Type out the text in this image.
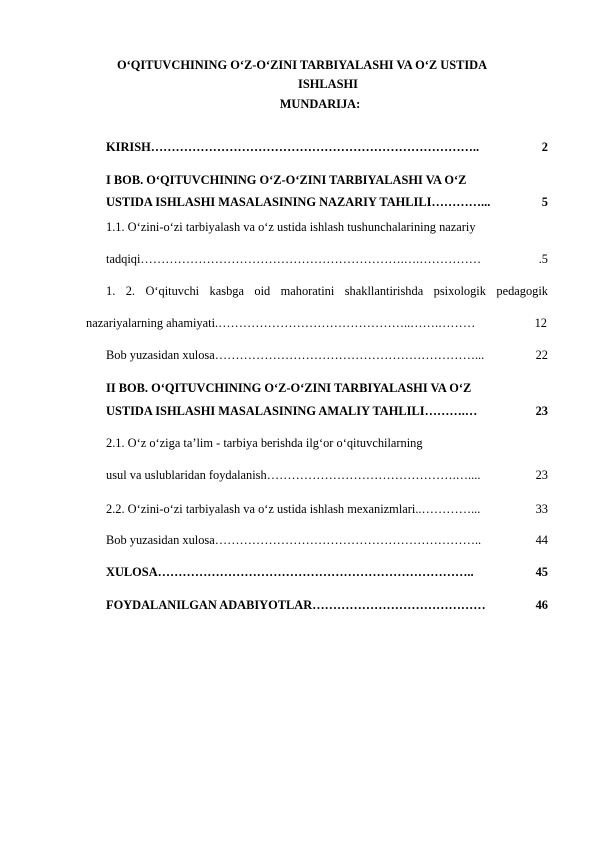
O‘QITUVCHINING O‘Z-O‘ZINI TARBIYALASHI VA O‘Z USTIDA
ISHLASHI
MUNDARIJA:
KIRISH ……………………………………………………………………..	2
I BOB. O‘QITUVCHINING O‘Z-O‘ZINI TARBIYALASHI VA O‘Z
USTIDA ISHLASHI MASALASINING NAZARIY TAHLILI …………...	5
1.1. O‘zini-o‘zi tarbiyalash va o‘z ustida ishlash tushunchalarining nazariy
tadqiqi ……………………………………………………….….……………	.5
1. 2. O‘qituvchi kasbga oid mahoratini shakllantirishda psixologik pedagogik
nazariyalarning ahamiyati. ………………………………………..…….………	12
Bob yuzasidan xulosa ………………………………………………………...	22
II BOB. O‘QITUVCHINING O‘Z-O‘ZINI TARBIYALASHI VA O‘Z
USTIDA ISHLASHI MASALASINING AMALIY TAHLILI ……….…	23
2.1. O‘z o‘ziga ta’lim - tarbiya berishda ilg‘or o‘qituvchilarning
usul va uslublaridan foydalanish ……………………………………….…....	23
2.2. O‘zini-o‘zi tarbiyalash va o‘z ustida ishlash mexanizmlari ..…………...	33
Bob yuzasidan xulosa ………………………………………………………..	44
XULOSA …………………………………………………………………..	45
FOYDALANILGAN ADABIYOTLAR ……………………………………	46
